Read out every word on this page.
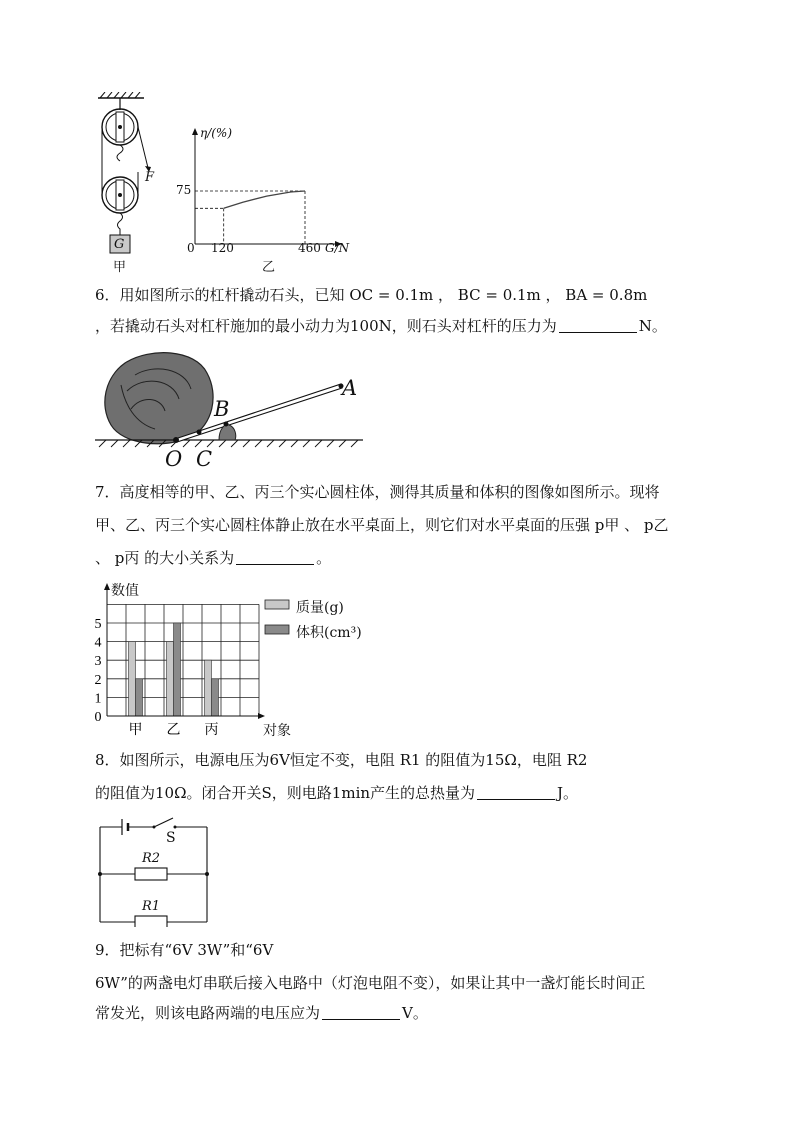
G
F
甲
η/(%)
75
0 120	460 G/N
乙
6．用如图所示的杠杆撬动石头，已知 OC = 0.1m ， BC = 0.1m ， BA = 0.8m
，若撬动石头对杠杆施加的最小动力为100N，则石头对杠杆的压力为	N。
A
B
O C
7．高度相等的甲、乙、丙三个实心圆柱体，测得其质量和体积的图像如图所示。现将
甲、乙、丙三个实心圆柱体静止放在水平桌面上，则它们对水平桌面的压强 p甲 、 p乙
、 p丙 的大小关系为	。
0
1
2
3
4
5
甲 乙 丙
数值
对象
质量(g)
体积(cm³)
8．如图所示，电源电压为6V恒定不变，电阻 R1 的阻值为15Ω，电阻 R2
的阻值为10Ω。闭合开关S，则电路1min产生的总热量为	J。
S
R2
R1
9．把标有“6V 3W”和“6V
6W”的两盏电灯串联后接入电路中（灯泡电阻不变），如果让其中一盏灯能长时间正
常发光，则该电路两端的电压应为	V。
